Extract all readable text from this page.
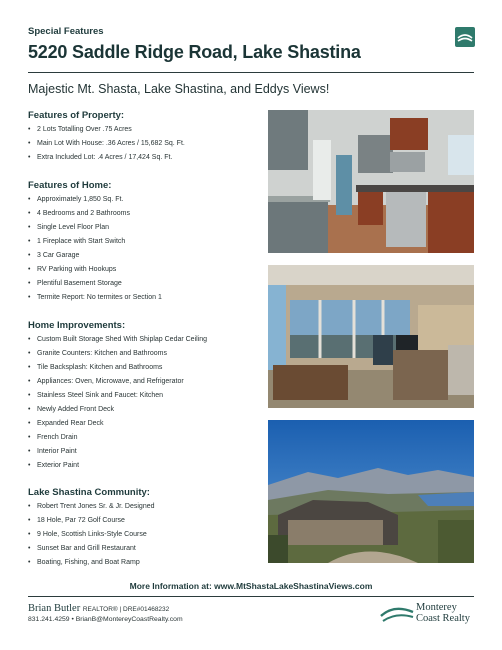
Special Features
5220 Saddle Ridge Road, Lake Shastina
Majestic Mt. Shasta, Lake Shastina, and Eddys Views!
Features of Property:
• 2 Lots Totalling Over .75 Acres
• Main Lot With House: .36 Acres / 15,682 Sq. Ft.
• Extra Included Lot: .4 Acres / 17,424 Sq. Ft.
Features of Home:
• Approximately 1,850 Sq. Ft.
• 4 Bedrooms and 2 Bathrooms
• Single Level Floor Plan
• 1 Fireplace with Start Switch
• 3 Car Garage
• RV Parking with Hookups
• Plentiful Basement Storage
• Termite Report: No termites or Section 1
Home Improvements:
• Custom Built Storage Shed With Shiplap Cedar Ceiling
• Granite Counters: Kitchen and Bathrooms
• Tile Backsplash: Kitchen and Bathrooms
• Appliances: Oven, Microwave, and Refrigerator
• Stainless Steel Sink and Faucet: Kitchen
• Newly Added Front Deck
• Expanded Rear Deck
• French Drain
• Interior Paint
• Exterior Paint
Lake Shastina Community:
• Robert Trent Jones Sr. & Jr. Designed
• 18 Hole, Par 72 Golf Course
• 9 Hole, Scottish Links-Style Course
• Sunset Bar and Grill Restaurant
• Boating, Fishing, and Boat Ramp
More Information at: www.MtShastaLakeShastinaViews.com
Brian Butler REALTOR® | DRE#01468232
831.241.4259 • BrianB@MontereyCoastRealty.com
Monterey
Coast Realty
